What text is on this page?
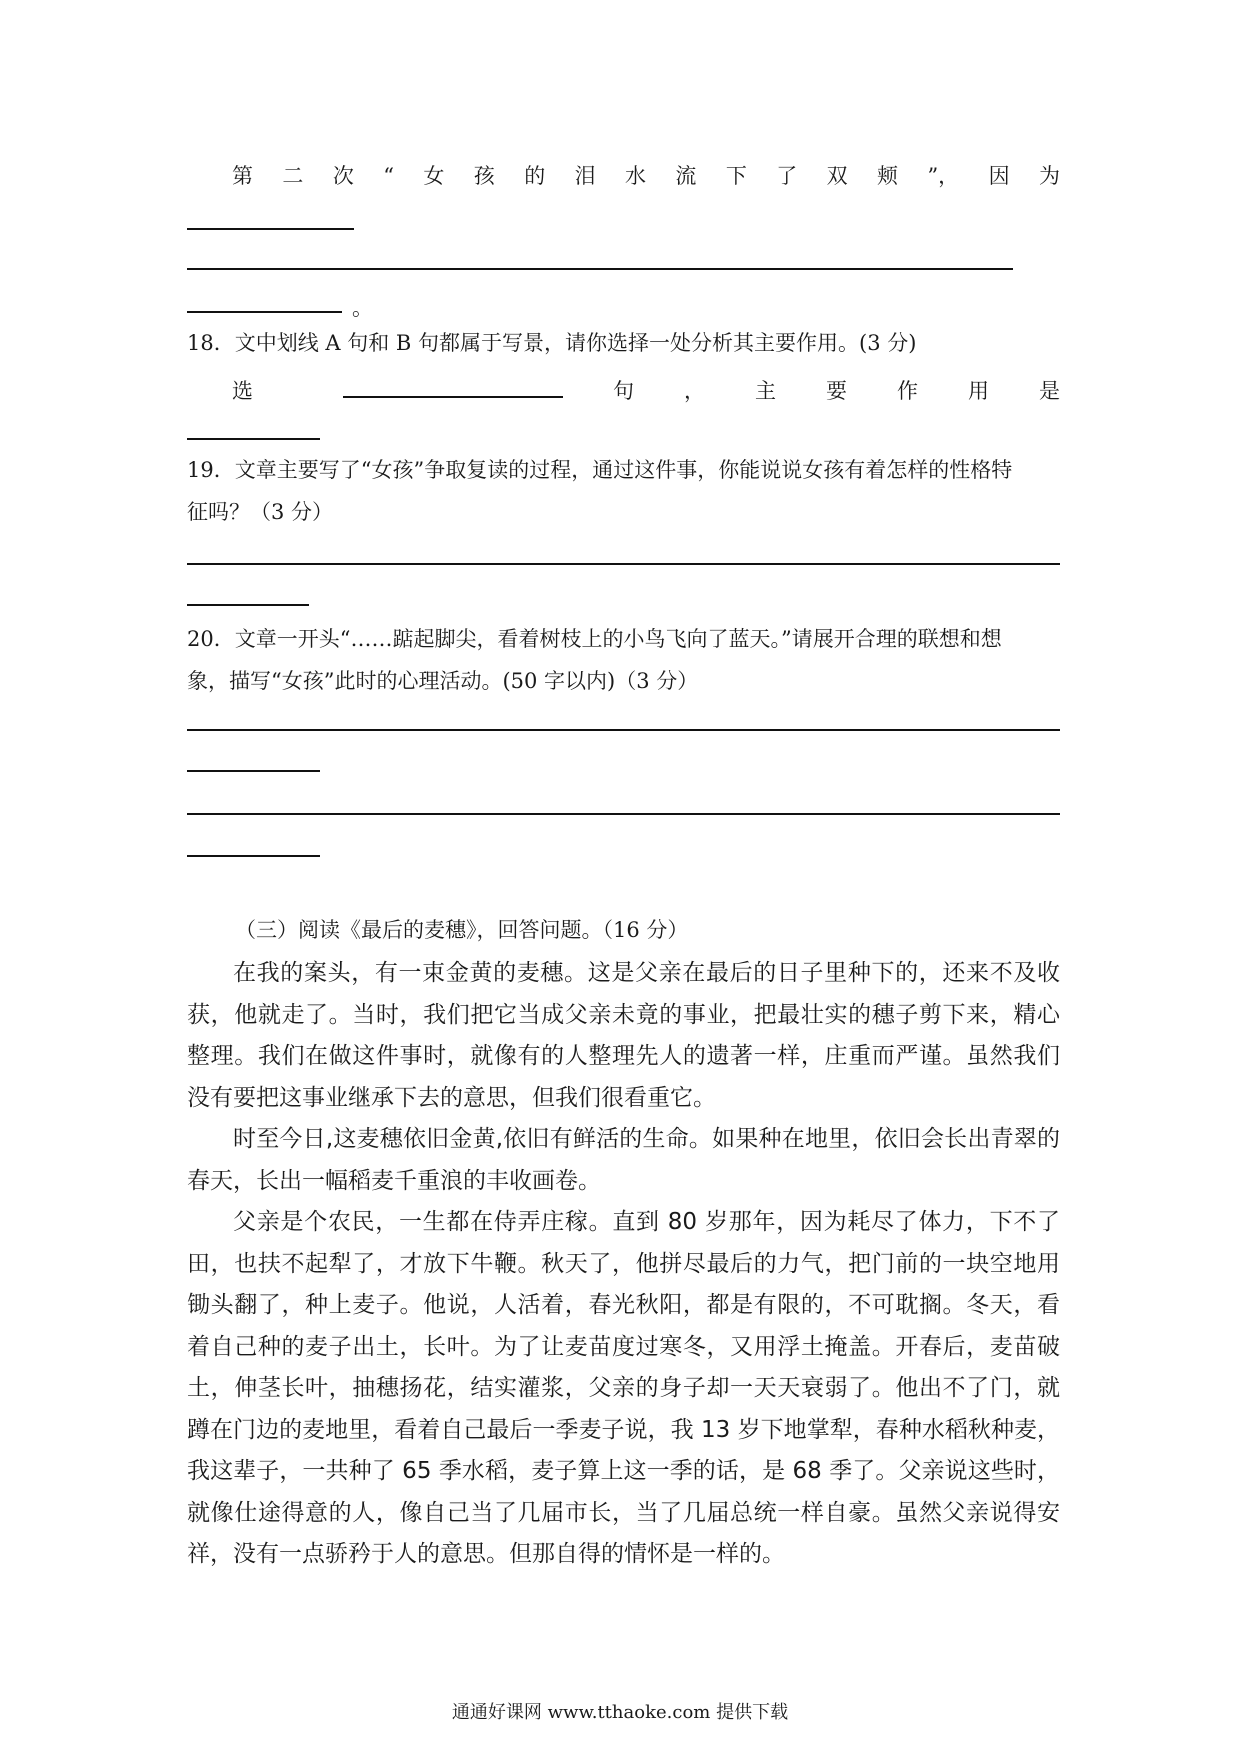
第 二 次 “ 女 孩 的 泪 水 流 下 了 双 颊 ”， 因 为
。
18．文中划线 A 句和 B 句都属于写景，请你选择一处分析其主要作用。(3 分)
选	句 ， 主 要 作 用 是
19．文章主要写了“女孩”争取复读的过程，通过这件事，你能说说女孩有着怎样的性格特
征吗？（3 分）
20．文章一开头“……踮起脚尖，看着树枝上的小鸟飞向了蓝天。”请展开合理的联想和想
象，描写“女孩”此时的心理活动。(50 字以内)（3 分）
（三）阅读《最后的麦穗》，回答问题。（16 分）

在我的案头，有一束金黄的麦穗。这是父亲在最后的日子里种下的，还来不及收获，他就走了。当时，我们把它当成父亲未竟的事业，把最壮实的穗子剪下来，精心整理。我们在做这件事时，就像有的人整理先人的遗著一样，庄重而严谨。虽然我们没有要把这事业继承下去的意思，但我们很看重它。

时至今日,这麦穗依旧金黄,依旧有鲜活的生命。如果种在地里，依旧会长出青翠的春天，长出一幅稻麦千重浪的丰收画卷。

父亲是个农民，一生都在侍弄庄稼。直到 80 岁那年，因为耗尽了体力，下不了田，也扶不起犁了，才放下牛鞭。秋天了，他拼尽最后的力气，把门前的一块空地用锄头翻了，种上麦子。他说，人活着，春光秋阳，都是有限的，不可耽搁。冬天，看着自己种的麦子出土，长叶。为了让麦苗度过寒冬，又用浮土掩盖。开春后，麦苗破土，伸茎长叶，抽穗扬花，结实灌浆，父亲的身子却一天天衰弱了。他出不了门，就蹲在门边的麦地里，看着自己最后一季麦子说，我 13 岁下地掌犁，春种水稻秋种麦，我这辈子，一共种了 65 季水稻，麦子算上这一季的话，是 68 季了。父亲说这些时，就像仕途得意的人，像自己当了几届市长，当了几届总统一样自豪。虽然父亲说得安祥，没有一点骄矜于人的意思。但那自得的情怀是一样的。

通通好课网 www.tthaoke.com 提供下载
